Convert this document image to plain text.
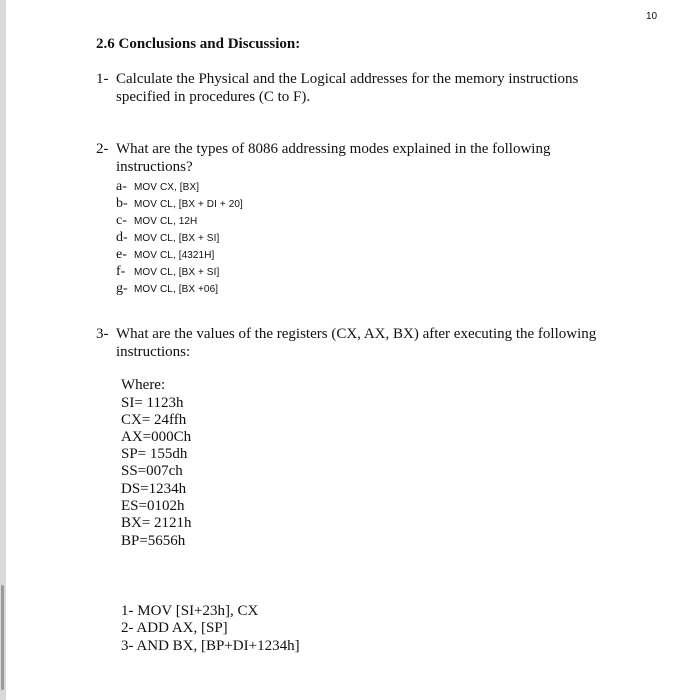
10
2.6 Conclusions and Discussion:
1- Calculate the Physical and the Logical addresses for the memory instructions
specified in procedures (C to F).
2- What are the types of 8086 addressing modes explained in the following
instructions?
a- MOV CX, [BX]
b- MOV CL, [BX + DI + 20]
c- MOV CL, 12H
d- MOV CL, [BX + SI]
e- MOV CL, [4321H]
f- MOV CL, [BX + SI]
g- MOV CL, [BX +06]
3- What are the values of the registers (CX, AX, BX) after executing the following
instructions:
Where:
SI= 1123h
CX= 24ffh
AX=000Ch
SP= 155dh
SS=007ch
DS=1234h
ES=0102h
BX= 2121h
BP=5656h
1- MOV [SI+23h], CX
2- ADD AX, [SP]
3- AND BX, [BP+DI+1234h]
